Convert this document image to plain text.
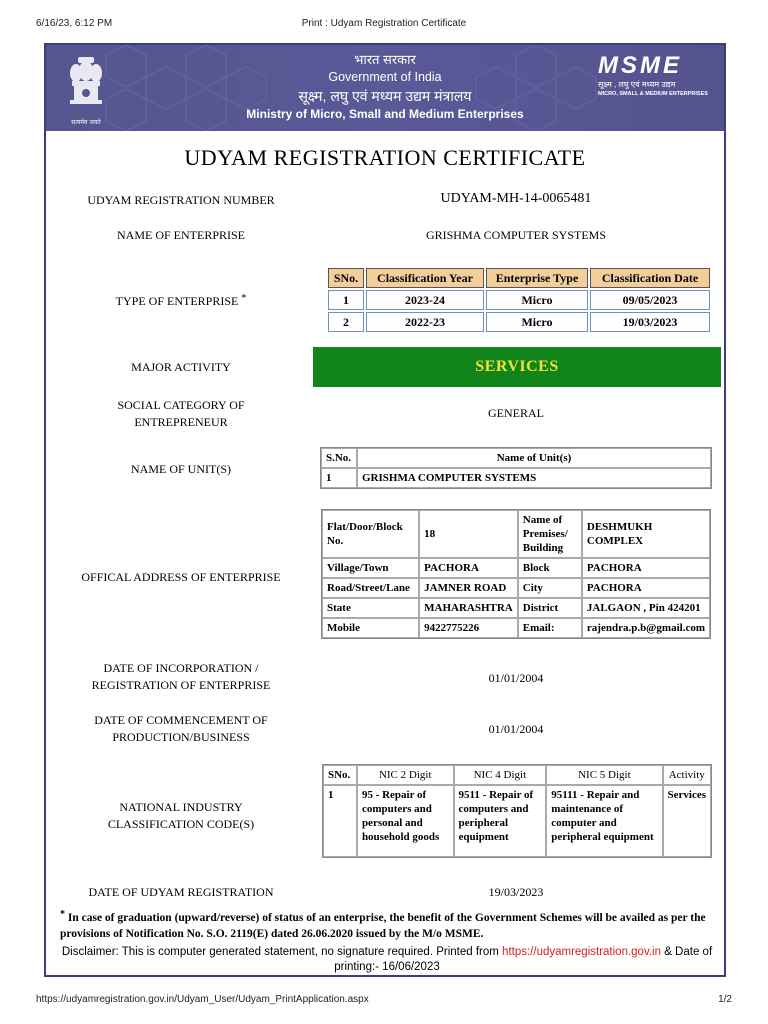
6/16/23, 6:12 PM	Print : Udyam Registration Certificate
सत्यमेव जयते
भारत सरकार
Government of India
सूक्ष्म, लघु एवं मध्यम उद्यम मंत्रालय
Ministry of Micro, Small and Medium Enterprises
MSME
सूक्ष्म , लघु एवं मध्यम उद्यम
MICRO, SMALL & MEDIUM ENTERPRISES
UDYAM REGISTRATION CERTIFICATE
UDYAM REGISTRATION NUMBER	UDYAM-MH-14-0065481
NAME OF ENTERPRISE	GRISHMA COMPUTER SYSTEMS
TYPE OF ENTERPRISE *
SNo.	Classification Year	Enterprise Type	Classification Date
1	2023-24	Micro	09/05/2023
2	2022-23	Micro	19/03/2023
MAJOR ACTIVITY	SERVICES
SOCIAL CATEGORY OF
ENTREPRENEUR
GENERAL
NAME OF UNIT(S)
S.No.	Name of Unit(s)
1	GRISHMA COMPUTER SYSTEMS
OFFICAL ADDRESS OF ENTERPRISE
Flat/Door/Block No.	18	Name of Premises/ Building	DESHMUKH COMPLEX
Village/Town	PACHORA	Block	PACHORA
Road/Street/Lane	JAMNER ROAD	City	PACHORA
State	MAHARASHTRA	District	JALGAON , Pin 424201
Mobile	9422775226	Email:	rajendra.p.b@gmail.com
DATE OF INCORPORATION /
REGISTRATION OF ENTERPRISE	01/01/2004
DATE OF COMMENCEMENT OF
PRODUCTION/BUSINESS
01/01/2004
NATIONAL INDUSTRY
CLASSIFICATION CODE(S)
SNo.	NIC 2 Digit	NIC 4 Digit	NIC 5 Digit	Activity
1	95 - Repair of computers and personal and household goods	9511 - Repair of computers and peripheral equipment	95111 - Repair and maintenance of computer and peripheral equipment	Services
DATE OF UDYAM REGISTRATION	19/03/2023
* In case of graduation (upward/reverse) of status of an enterprise, the benefit of the Government Schemes will be availed as per the provisions of Notification No. S.O. 2119(E) dated 26.06.2020 issued by the M/o MSME.
Disclaimer: This is computer generated statement, no signature required. Printed from https://udyamregistration.gov.in & Date of printing:- 16/06/2023
https://udyamregistration.gov.in/Udyam_User/Udyam_PrintApplication.aspx	1/2
